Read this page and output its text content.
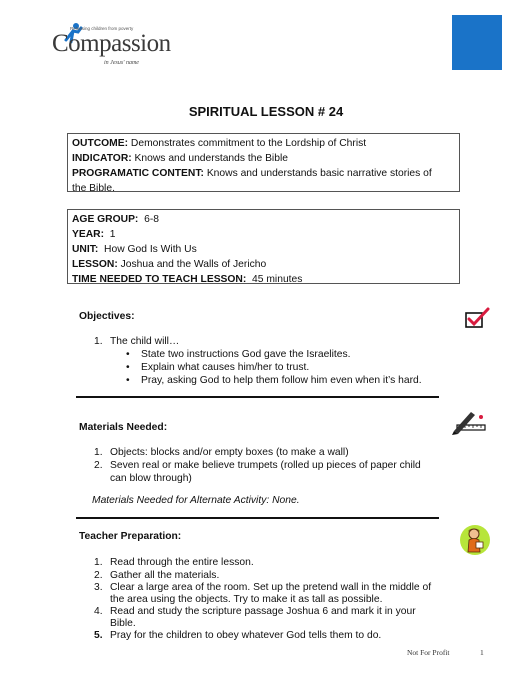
Releasing children from poverty
Compassion
in Jesus' name
SPIRITUAL LESSON # 24
OUTCOME: Demonstrates commitment to the Lordship of Christ
INDICATOR: Knows and understands the Bible
PROGRAMATIC CONTENT: Knows and understands basic narrative stories of
the Bible.
AGE GROUP:  6-8
YEAR:  1
UNIT:  How God Is With Us
LESSON: Joshua and the Walls of Jericho
TIME NEEDED TO TEACH LESSON:  45 minutes
Objectives:
1. The child will…
• State two instructions God gave the Israelites.
• Explain what causes him/her to trust.
• Pray, asking God to help them follow him even when it’s hard.
Materials Needed:
1. Objects: blocks and/or empty boxes (to make a wall)
2. Seven real or make believe trumpets (rolled up pieces of paper child
can blow through)
Materials Needed for Alternate Activity: None.
Teacher Preparation:
1. Read through the entire lesson.
2. Gather all the materials.
3. Clear a large area of the room. Set up the pretend wall in the middle of
the area using the objects. Try to make it as tall as possible.
4. Read and study the scripture passage Joshua 6 and mark it in your
Bible.
5. Pray for the children to obey whatever God tells them to do.
Not For Profit	1
